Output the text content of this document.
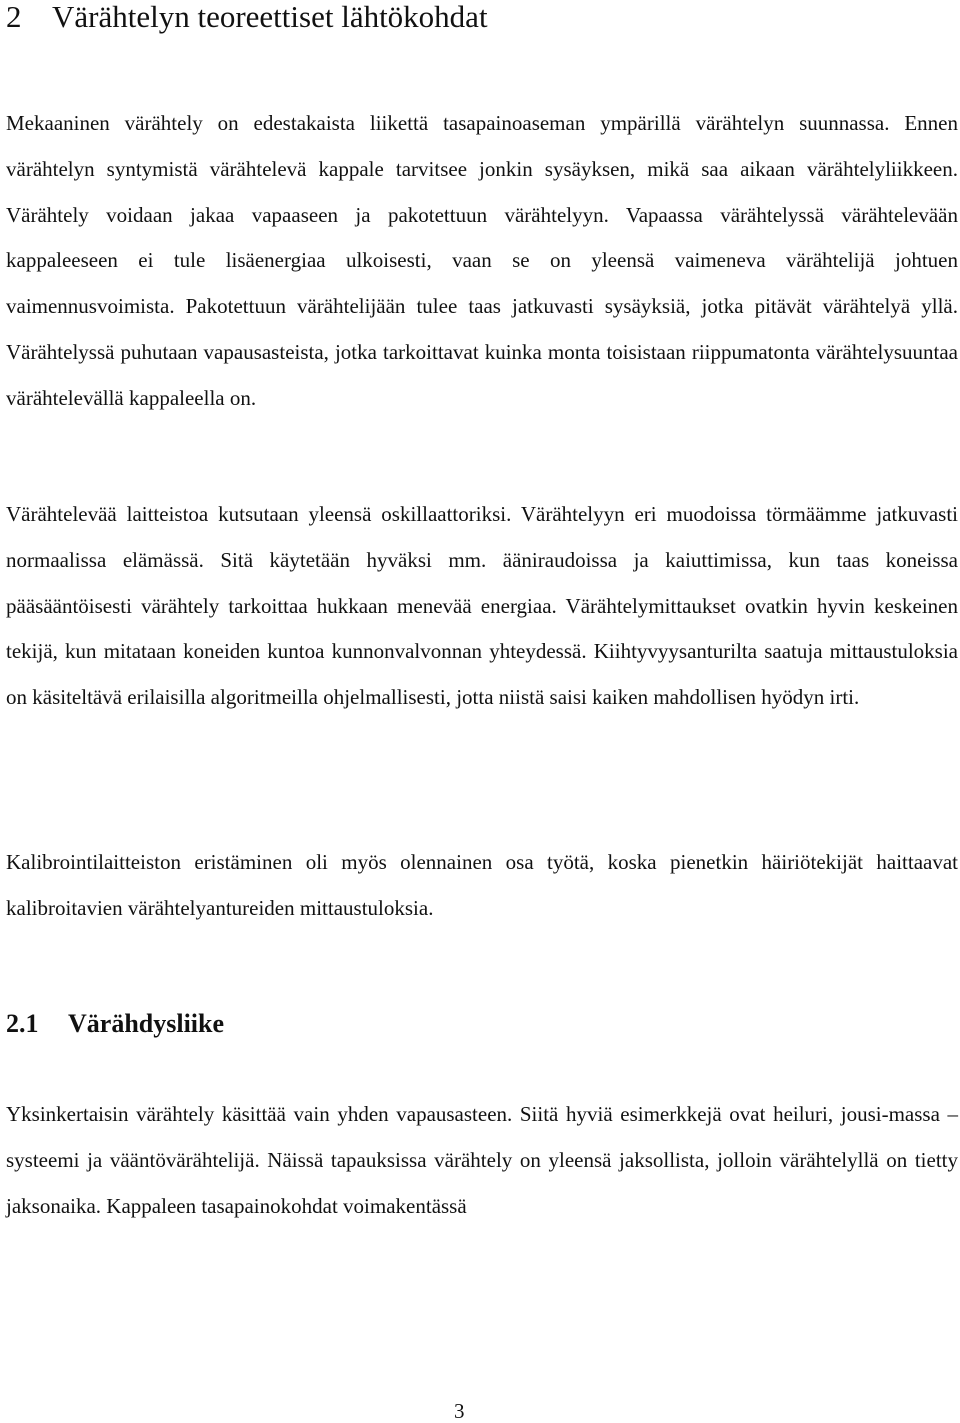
2 Värähtelyn teoreettiset lähtökohdat

Mekaaninen värähtely on edestakaista liikettä tasapainoaseman ympärillä värähtelyn suunnassa. Ennen värähtelyn syntymistä värähtelevä kappale tarvitsee jonkin sysäyksen, mikä saa aikaan värähtelyliikkeen. Värähtely voidaan jakaa vapaaseen ja pakotettuun värähtelyyn. Vapaassa värähtelyssä värähtelevään kappaleeseen ei tule lisäenergiaa ulkoisesti, vaan se on yleensä vaimeneva värähtelijä johtuen vaimennusvoimista. Pakotettuun värähtelijään tulee taas jatkuvasti sysäyksiä, jotka pitävät värähtelyä yllä. Värähtelyssä puhutaan vapausasteista, jotka tarkoittavat kuinka monta toisistaan riippumatonta värähtelysuuntaa värähtelevällä kappaleella on.

Värähtelevää laitteistoa kutsutaan yleensä oskillaattoriksi. Värähtelyyn eri muodoissa törmäämme jatkuvasti normaalissa elämässä. Sitä käytetään hyväksi mm. ääniraudoissa ja kaiuttimissa, kun taas koneissa pääsääntöisesti värähtely tarkoittaa hukkaan menevää energiaa. Värähtelymittaukset ovatkin hyvin keskeinen tekijä, kun mitataan koneiden kuntoa kunnonvalvonnan yhteydessä. Kiihtyvyysanturilta saatuja mittaustuloksia on käsiteltävä erilaisilla algoritmeilla ohjelmallisesti, jotta niistä saisi kaiken mahdollisen hyödyn irti.

Kalibrointilaitteiston eristäminen oli myös olennainen osa työtä, koska pienetkin häiriötekijät haittaavat kalibroitavien värähtelyantureiden mittaustuloksia.

2.1 Värähdysliike

Yksinkertaisin värähtely käsittää vain yhden vapausasteen. Siitä hyviä esimerkkejä ovat heiluri, jousi-massa – systeemi ja vääntövärähtelijä. Näissä tapauksissa värähtely on yleensä jaksollista, jolloin värähtelyllä on tietty jaksonaika. Kappaleen tasapainokohdat voimakentässä

3
